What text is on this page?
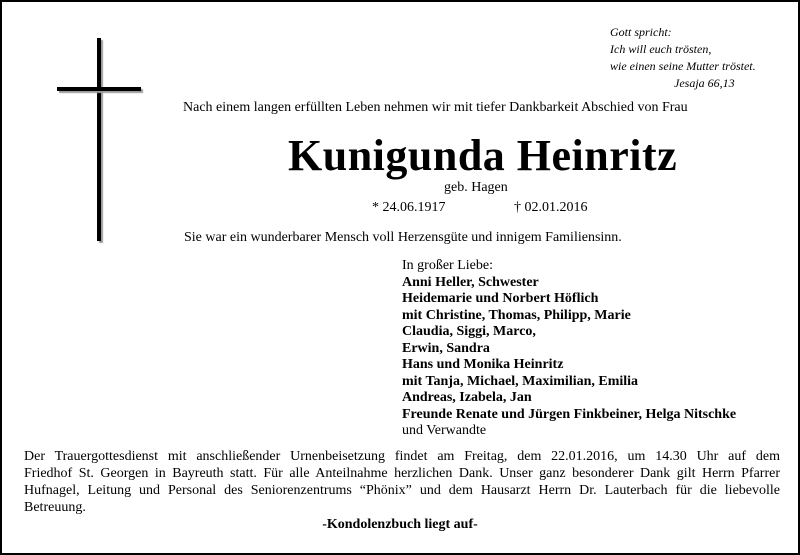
Gott spricht:
Ich will euch trösten,
wie einen seine Mutter tröstet.
Jesaja 66,13
Nach einem langen erfüllten Leben nehmen wir mit tiefer Dankbarkeit Abschied von Frau
Kunigunda Heinritz
geb. Hagen
* 24.06.1917	† 02.01.2016
Sie war ein wunderbarer Mensch voll Herzensgüte und innigem Familiensinn.
In großer Liebe:
Anni Heller, Schwester
Heidemarie und Norbert Höflich
mit Christine, Thomas, Philipp, Marie
Claudia, Siggi, Marco,
Erwin, Sandra
Hans und Monika Heinritz
mit Tanja, Michael, Maximilian, Emilia
Andreas, Izabela, Jan
Freunde Renate und Jürgen Finkbeiner, Helga Nitschke
und Verwandte

Der Trauergottesdienst mit anschließender Urnenbeisetzung findet am Freitag, dem 22.01.2016, um 14.30 Uhr auf dem

Friedhof St. Georgen in Bayreuth statt. Für alle Anteilnahme herzlichen Dank. Unser ganz besonderer Dank gilt Herrn Pfarrer

Hufnagel, Leitung und Personal des Seniorenzentrums “Phönix” und dem Hausarzt Herrn Dr. Lauterbach für die liebevolle

Betreuung.

-Kondolenzbuch liegt auf-
